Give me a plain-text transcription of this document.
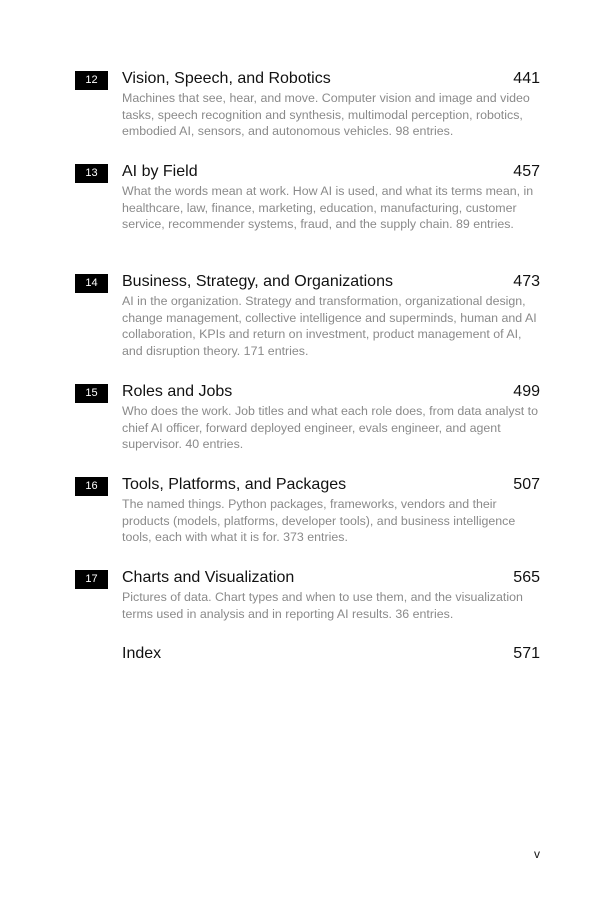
12	Vision, Speech, and Robotics	441
Machines that see, hear, and move. Computer vision and image and video tasks, speech recognition and synthesis, multimodal perception, robotics, embodied AI, sensors, and autonomous vehicles. 98 entries.
13	AI by Field	457
What the words mean at work. How AI is used, and what its terms mean, in healthcare, law, finance, marketing, education, manufacturing, customer service, recommender systems, fraud, and the supply chain. 89 entries.
14	Business, Strategy, and Organizations	473
AI in the organization. Strategy and transformation, organizational design, change management, collective intelligence and superminds, human and AI collaboration, KPIs and return on investment, product management of AI, and disruption theory. 171 entries.
15	Roles and Jobs	499
Who does the work. Job titles and what each role does, from data analyst to chief AI officer, forward deployed engineer, evals engineer, and agent supervisor. 40 entries.
16	Tools, Platforms, and Packages	507
The named things. Python packages, frameworks, vendors and their products (models, platforms, developer tools), and business intelligence tools, each with what it is for. 373 entries.
17	Charts and Visualization	565
Pictures of data. Chart types and when to use them, and the visualization terms used in analysis and in reporting AI results. 36 entries.
Index	571
v
